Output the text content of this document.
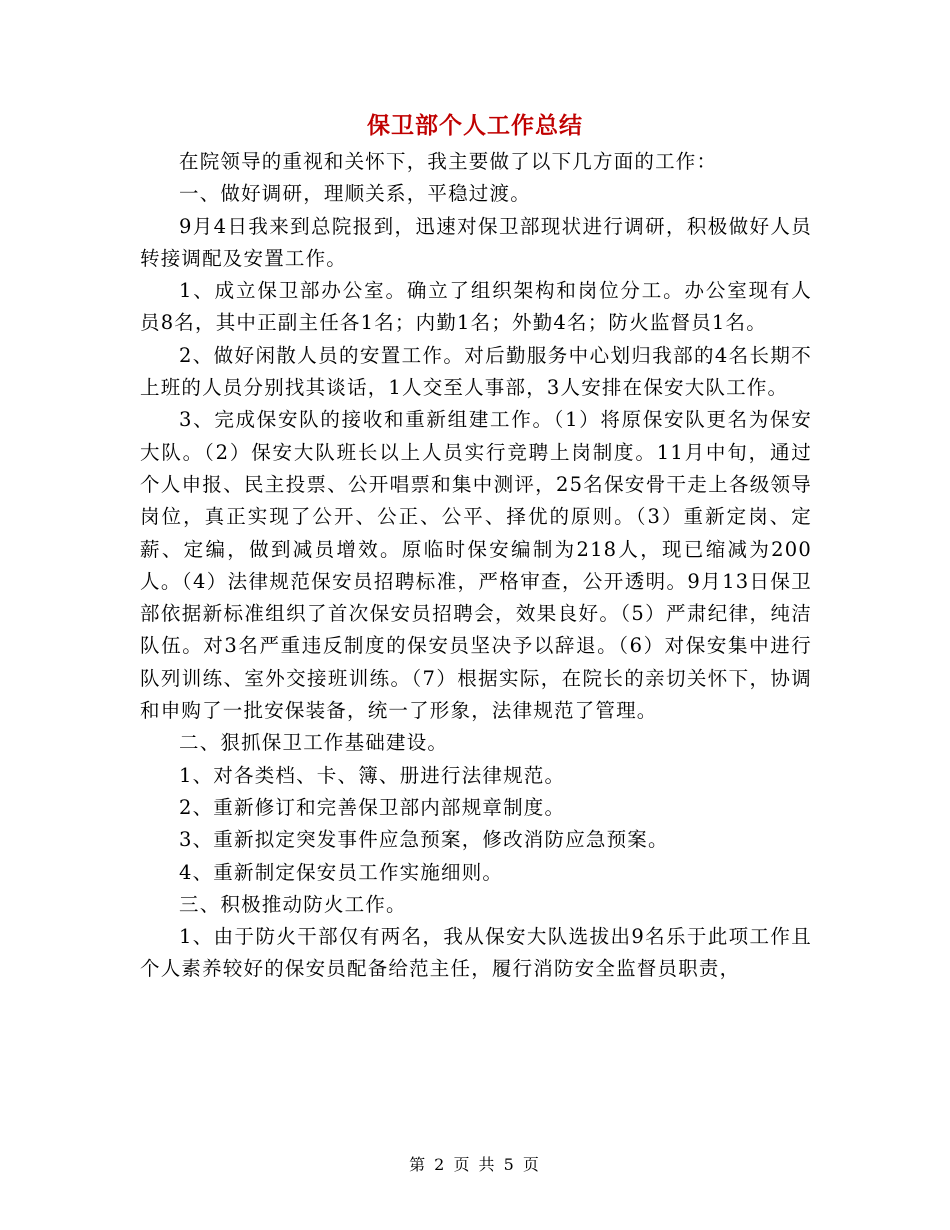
保卫部个人工作总结

在院领导的重视和关怀下，我主要做了以下几方面的工作：

一、做好调研，理顺关系，平稳过渡。

9月4日我来到总院报到，迅速对保卫部现状进行调研，积极做好人员转接调配及安置工作。

1、成立保卫部办公室。确立了组织架构和岗位分工。办公室现有人员8名，其中正副主任各1名；内勤1名；外勤4名；防火监督员1名。

2、做好闲散人员的安置工作。对后勤服务中心划归我部的4名长期不上班的人员分别找其谈话，1人交至人事部，3人安排在保安大队工作。

3、完成保安队的接收和重新组建工作。（1）将原保安队更名为保安大队。（2）保安大队班长以上人员实行竞聘上岗制度。11月中旬，通过个人申报、民主投票、公开唱票和集中测评，25名保安骨干走上各级领导岗位，真正实现了公开、公正、公平、择优的原则。（3）重新定岗、定薪、定编，做到减员增效。原临时保安编制为218人，现已缩减为200人。（4）法律规范保安员招聘标准，严格审查，公开透明。9月13日保卫部依据新标准组织了首次保安员招聘会，效果良好。（5）严肃纪律，纯洁队伍。对3名严重违反制度的保安员坚决予以辞退。（6）对保安集中进行队列训练、室外交接班训练。（7）根据实际，在院长的亲切关怀下，协调和申购了一批安保装备，统一了形象，法律规范了管理。

二、狠抓保卫工作基础建设。

1、对各类档、卡、簿、册进行法律规范。

2、重新修订和完善保卫部内部规章制度。

3、重新拟定突发事件应急预案，修改消防应急预案。

4、重新制定保安员工作实施细则。

三、积极推动防火工作。

1、由于防火干部仅有两名，我从保安大队选拔出9名乐于此项工作且个人素养较好的保安员配备给范主任，履行消防安全监督员职责，

第 2 页 共 5 页
